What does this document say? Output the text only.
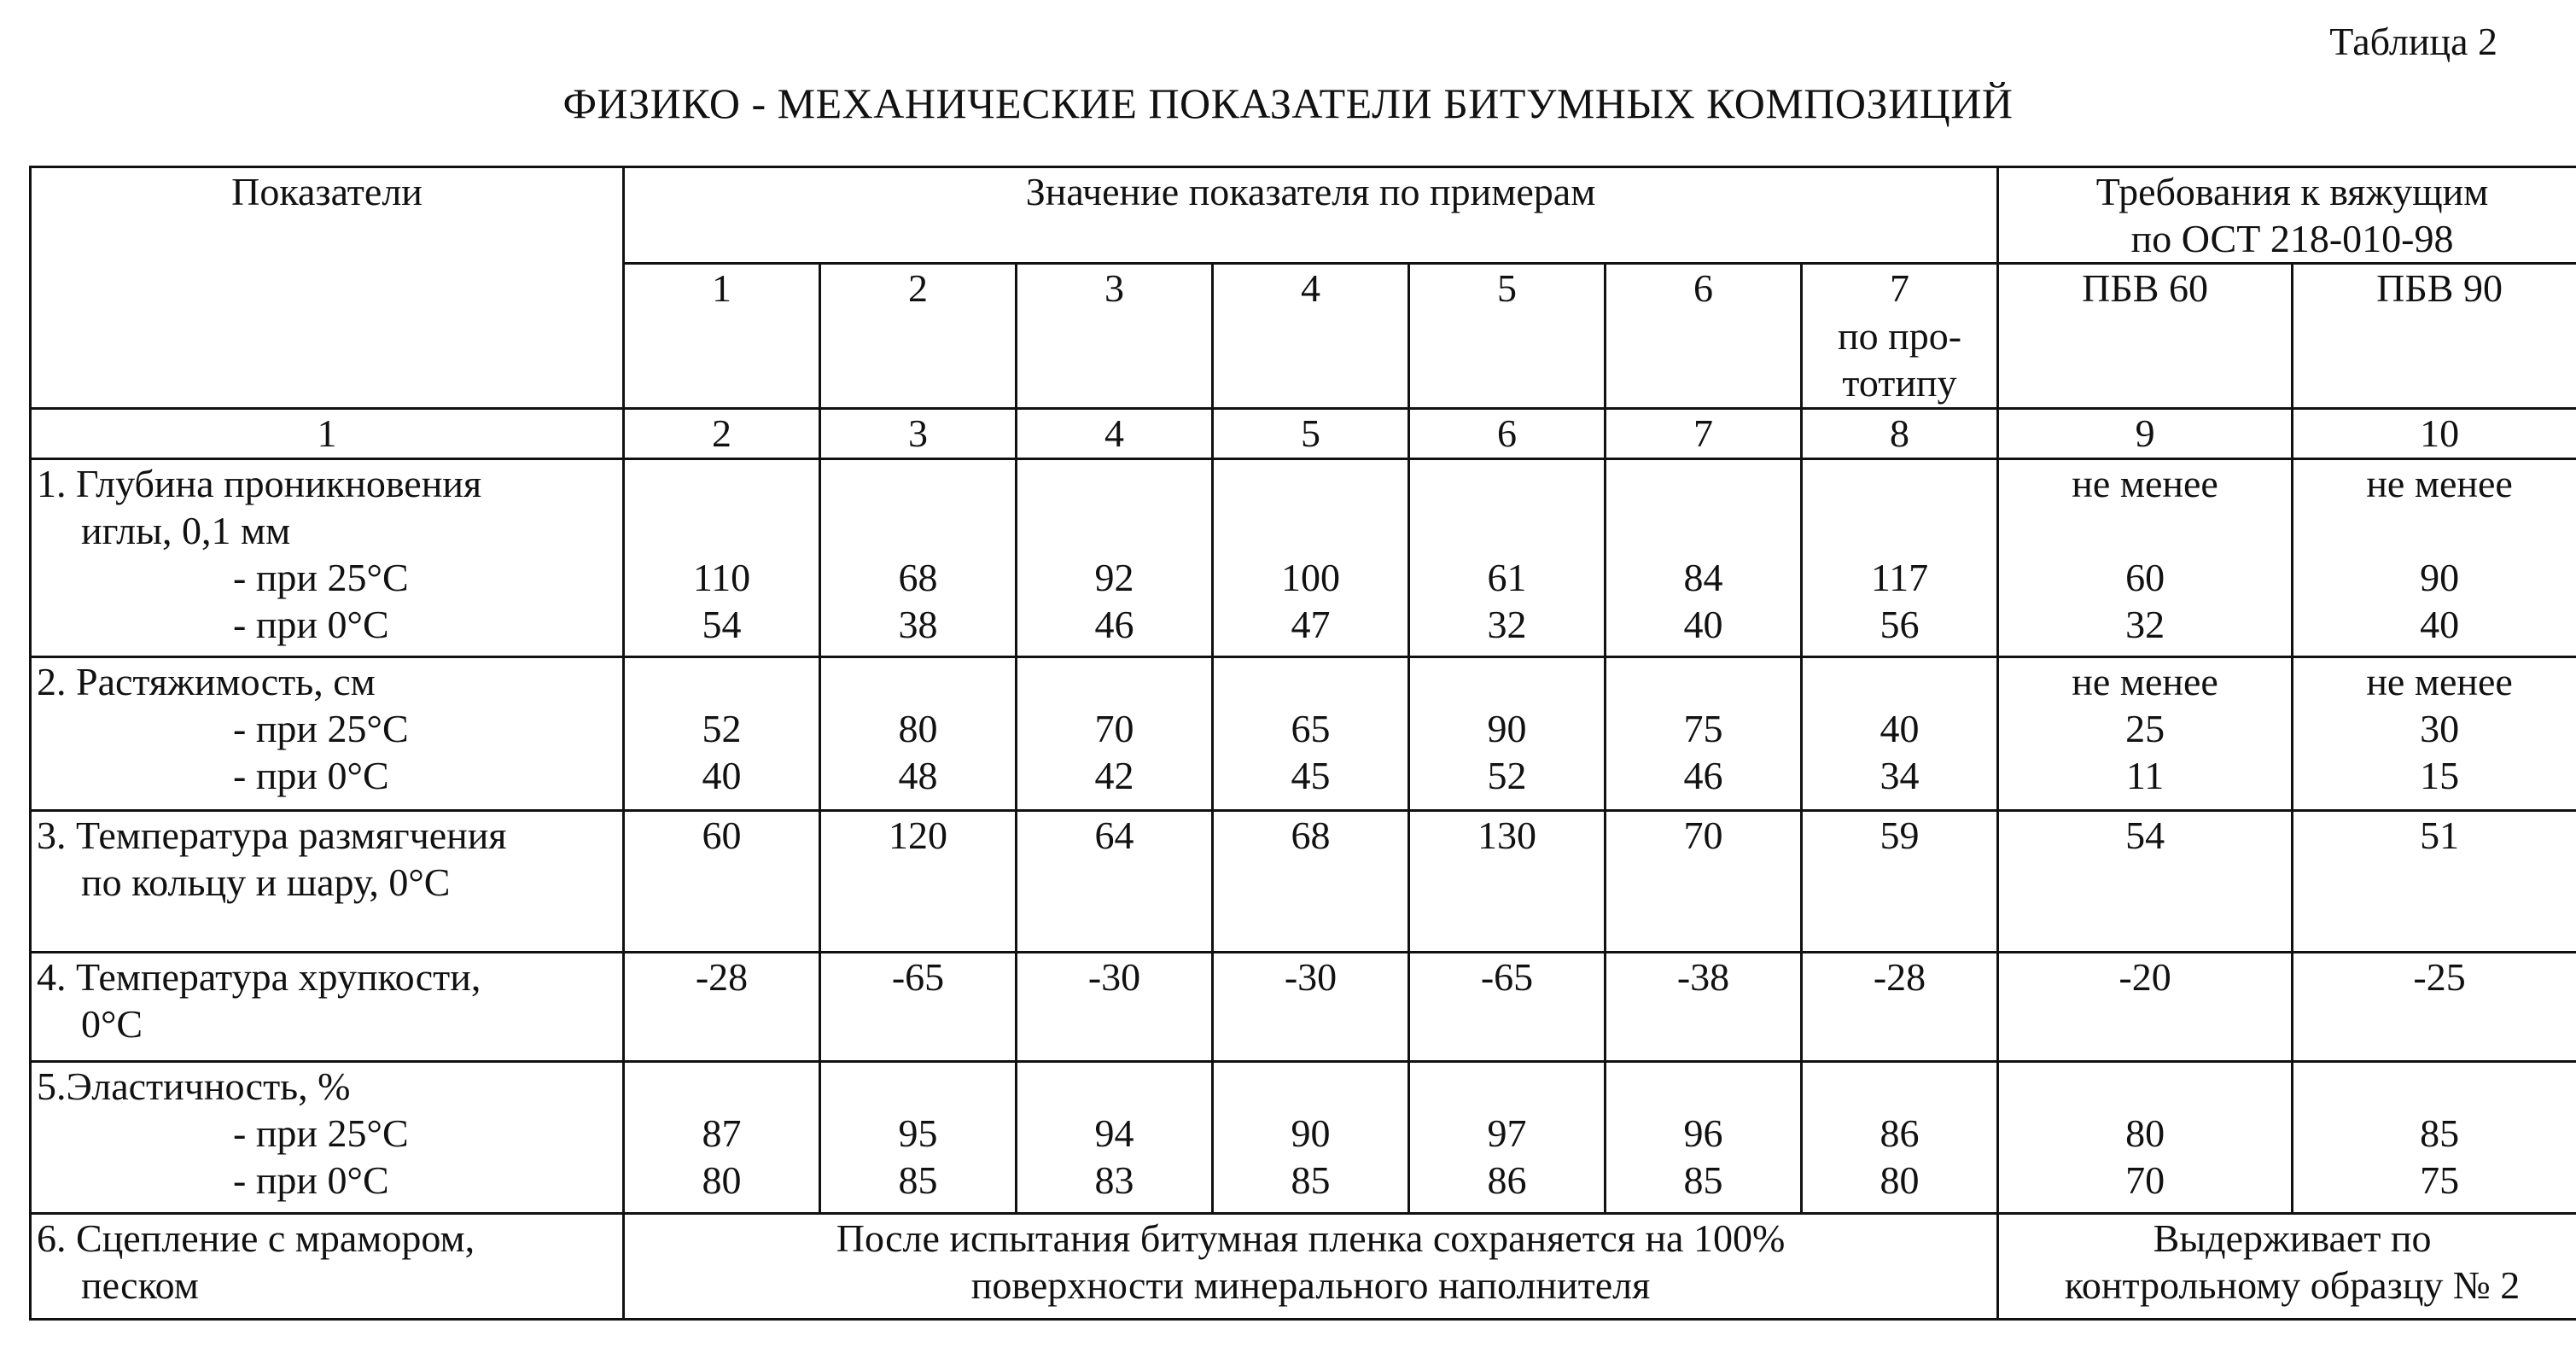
Таблица 2
ФИЗИКО - МЕХАНИЧЕСКИЕ ПОКАЗАТЕЛИ БИТУМНЫХ КОМПОЗИЦИЙ
Показатели	Значение показателя по примерам	Требования к вяжущим
по ОСТ 218-010-98

1	2	3	4	5	6	7
по про-
тотипу
	ПБВ 60	ПБВ 90
1	2	3	4	5	6	7	8	9	10

1. Глубина проникновения
иглы, 0,1 мм
- при 25°С
- при 0°С

110
54

68
38

92
46

100
47

61
32

84
40

117
56

не менее

60
32

не менее

90
40

2. Растяжимость, см
- при 25°С
- при 0°С

52
40

80
48

70
42

65
45

90
52

75
46

40
34

не менее
25
11

не менее
30
15

3. Температура размягчения
по кольцу и шару, 0°С
	60	120	64	68	130	70	59	54	51

4. Температура хрупкости,
0°С
	-28	-65	-30	-30	-65	-38	-28	-20	-25

5.Эластичность, %
- при 25°С
- при 0°С

87
80

95
85

94
83

90
85

97
86

96
85

86
80

80
70

85
75

6. Сцепление с мрамором,
песком

После испытания битумная пленка сохраняется на 100%
поверхности минерального наполнителя

Выдерживает по
контрольному образцу № 2
